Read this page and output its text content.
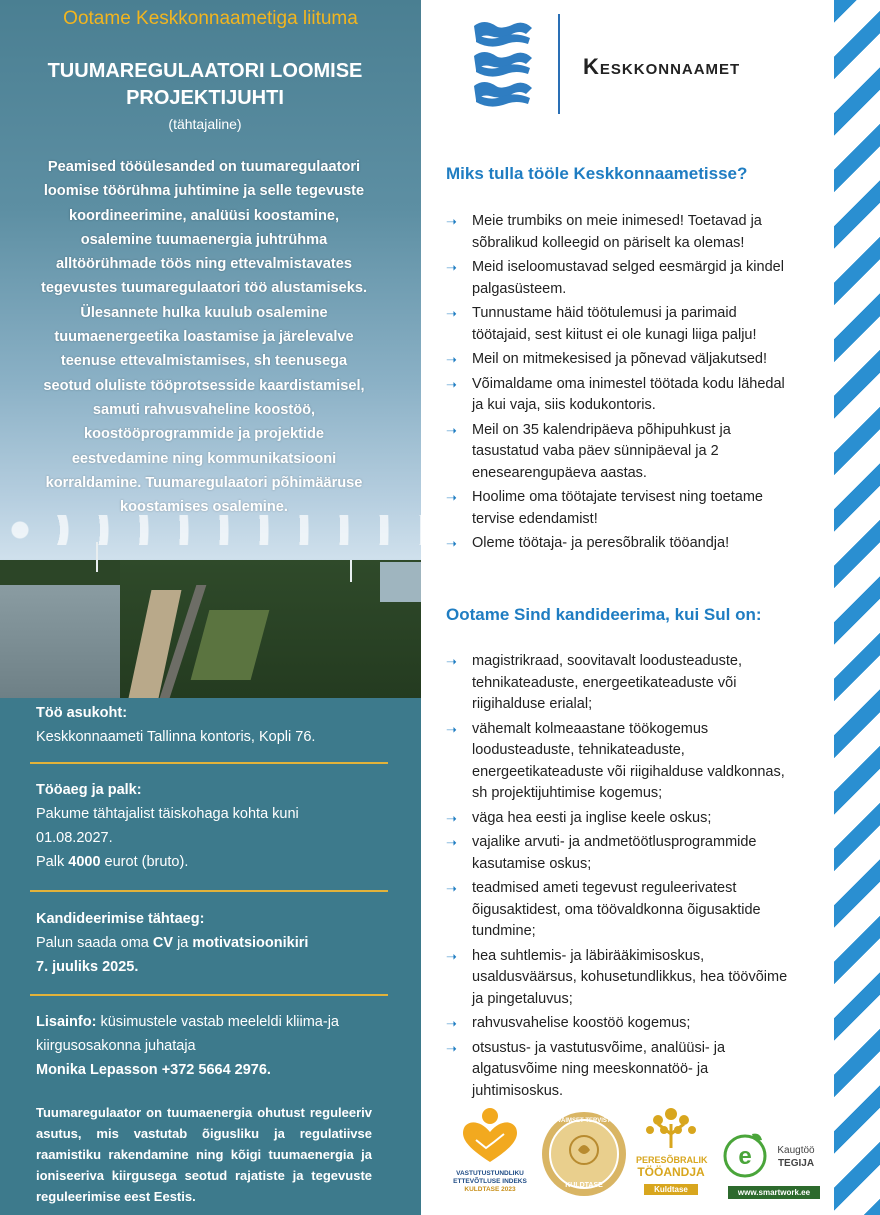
Ootame Keskkonnaametiga liituma
TUUMAREGULAATORI LOOMISE
PROJEKTIJUHTI
(tähtajaline)
Peamised tööülesanded on tuumaregulaatori loomise töörühma juhtimine ja selle tegevuste koordineerimine, analüüsi koostamine, osalemine tuumaenergia juhtrühma alltöörühmade töös ning ettevalmistavates tegevustes tuumaregulaatori töö alustamiseks. Ülesannete hulka kuulub osalemine tuumaenergeetika loastamise ja järelevalve teenuse ettevalmistamises, sh teenusega seotud oluliste tööprotsesside kaardistamisel, samuti rahvusvaheline koostöö, koostööprogrammide ja projektide eestvedamine ning kommunikatsiooni korraldamine. Tuumaregulaatori põhimääruse koostamises osalemine.
Töö asukoht:
Keskkonnaameti Tallinna kontoris, Kopli 76.
Tööaeg ja palk:
Pakume tähtajalist täiskohaga kohta kuni
01.08.2027.
Palk 4000 eurot (bruto).
Kandideerimise tähtaeg:
Palun saada oma CV ja motivatsioonikiri
7. juuliks 2025.
Lisainfo: küsimustele vastab meeleldi kliima-ja kiirgusosakonna juhataja
Monika Lepasson +372 5664 2976.
Tuumaregulaator on tuumaenergia ohutust reguleeriv asutus, mis vastutab õigusliku ja regulatiivse raamistiku rakendamine ning kõigi tuumaenergia ja ioniseeriva kiirgusega seotud rajatiste ja tegevuste reguleerimise eest Eestis.
Keskkonnaamet
Miks tulla tööle Keskkonnaametisse?
➝ Meie trumbiks on meie inimesed! Toetavad ja sõbralikud kolleegid on päriselt ka olemas!
➝ Meid iseloomustavad selged eesmärgid ja kindel palgasüsteem.
➝ Tunnustame häid töötulemusi ja parimaid töötajaid, sest kiitust ei ole kunagi liiga palju!
➝ Meil on mitmekesised ja põnevad väljakutsed!
➝ Võimaldame oma inimestel töötada kodu lähedal ja kui vaja, siis kodukontoris.
➝ Meil on 35 kalendripäeva põhipuhkust ja tasustatud vaba päev sünnipäeval ja 2 enesearengupäeva aastas.
➝ Hoolime oma töötajate tervisest ning toetame tervise edendamist!
➝ Oleme töötaja- ja peresõbralik tööandja!
Ootame Sind kandideerima, kui Sul on:
➝ magistrikraad, soovitavalt loodusteaduste, tehnikateaduste, energeetikateaduste või riigihalduse erialal;
➝ vähemalt kolmeaastane töökogemus loodusteaduste, tehnikateaduste, energeetikateaduste või riigihalduse valdkonnas, sh projektijuhtimise kogemus;
➝ väga hea eesti ja inglise keele oskus;
➝ vajalike arvuti- ja andmetöötlusprogrammide kasutamise oskus;
➝ teadmised ameti tegevust reguleerivatest õigusaktidest, oma töövaldkonna õigusaktide tundmine;
➝ hea suhtlemis- ja läbirääkimisoskus, usaldusväärsus, kohusetundlikkus, hea töövõime ja pingetaluvus;
➝ rahvusvahelise koostöö kogemus;
➝ otsustus- ja vastutusvõime, analüüsi- ja algatusvõime ning meeskonnatöö- ja juhtimisoskus.
VASTUTUSTUNDLIKU
ETTEVÕTLUSE INDEKS
KULDTASE 2023
VAIMSET TERVIST
KULDTASE
PERESÕBRALIK
TÖÖANDJA
Kuldtase
e	Kaugtöö
TEGIJA
www.smartwork.ee
